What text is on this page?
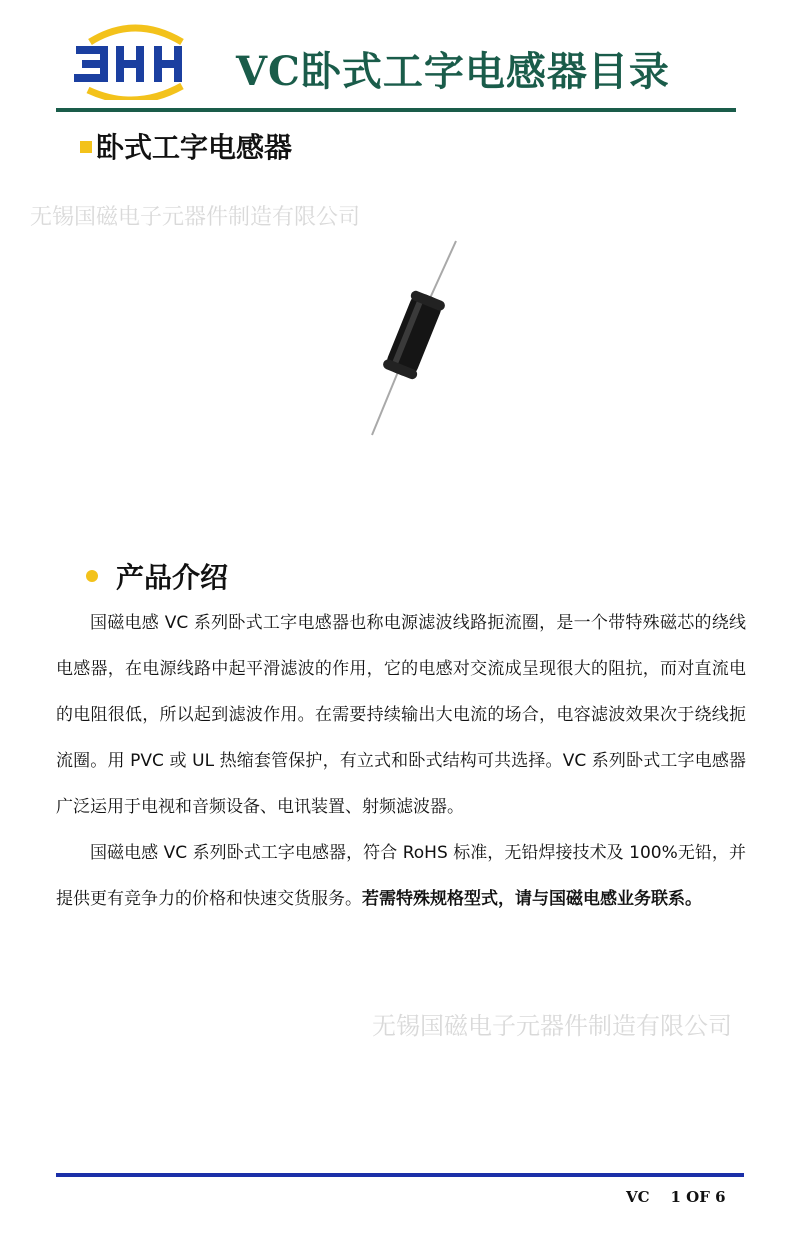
VC卧式工字电感器目录
卧式工字电感器
无锡国磁电子元器件制造有限公司
产品介绍

国磁电感 VC 系列卧式工字电感器也称电源滤波线路扼流圈，是一个带特殊磁芯的绕线电感器，在电源线路中起平滑滤波的作用，它的电感对交流成呈现很大的阻抗，而对直流电的电阻很低，所以起到滤波作用。在需要持续输出大电流的场合，电容滤波效果次于绕线扼流圈。用 PVC 或 UL 热缩套管保护，有立式和卧式结构可共选择。VC 系列卧式工字电感器广泛运用于电视和音频设备、电讯装置、射频滤波器。

国磁电感 VC 系列卧式工字电感器，符合 RoHS 标准，无铅焊接技术及 100%无铅，并提供更有竞争力的价格和快速交货服务。若需特殊规格型式，请与国磁电感业务联系。

无锡国磁电子元器件制造有限公司
VC 1 OF 6
